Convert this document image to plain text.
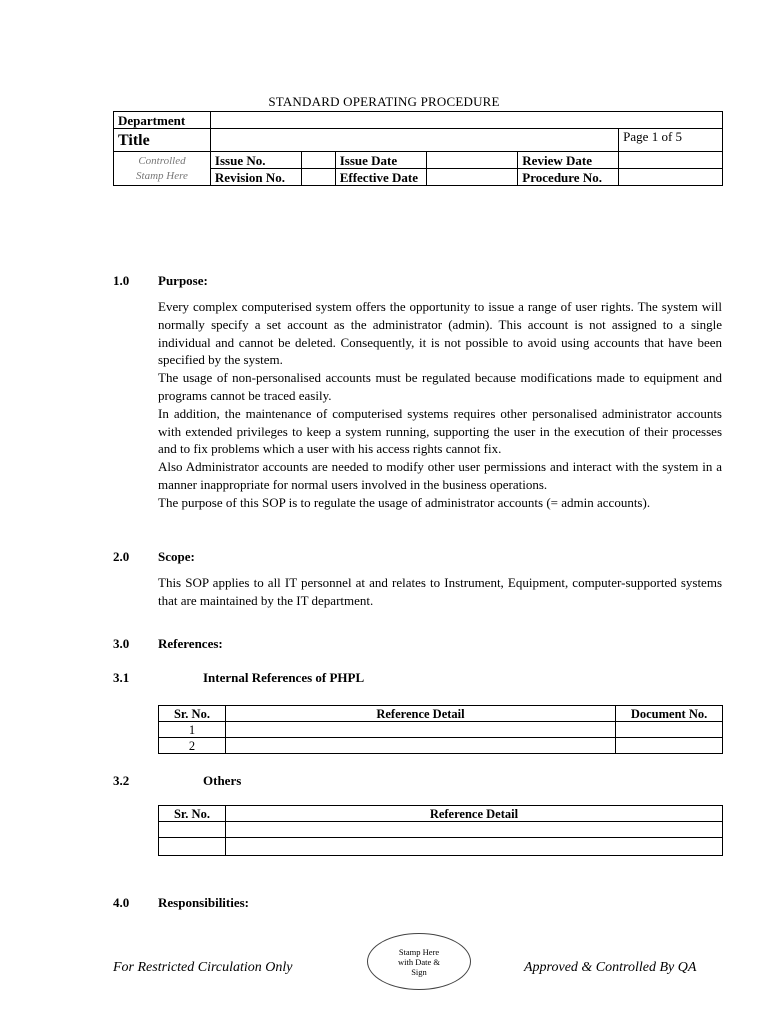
STANDARD OPERATING PROCEDURE
Department						
Title						Page 1 of 5

Controlled
Stamp Here	Issue No.		Issue Date		Review Date	
	Revision No.		Effective Date		Procedure No.	
1.0 Purpose:

Every complex computerised system offers the opportunity to issue a range of user rights. The system will normally specify a set account as the administrator (admin). This account is not assigned to a single individual and cannot be deleted. Consequently, it is not possible to avoid using accounts that have been specified by the system.

The usage of non-personalised accounts must be regulated because modifications made to equipment and programs cannot be traced easily.

In addition, the maintenance of computerised systems requires other personalised administrator accounts with extended privileges to keep a system running, supporting the user in the execution of their processes and to fix problems which a user with his access rights cannot fix.

Also Administrator accounts are needed to modify other user permissions and interact with the system in a manner inappropriate for normal users involved in the business operations.

The purpose of this SOP is to regulate the usage of administrator accounts (= admin accounts).

2.0 Scope:

This SOP applies to all IT personnel at and relates to Instrument, Equipment, computer-supported systems that are maintained by the IT department.

3.0 References:
3.1	Internal References of PHPL
Sr. No.	Reference Detail	Document No.
1		
2		
3.2	Others
Sr. No.	Reference Detail

4.0 Responsibilities:
For Restricted Circulation Only
Stamp Here with Date & Sign	Approved & Controlled By QA
